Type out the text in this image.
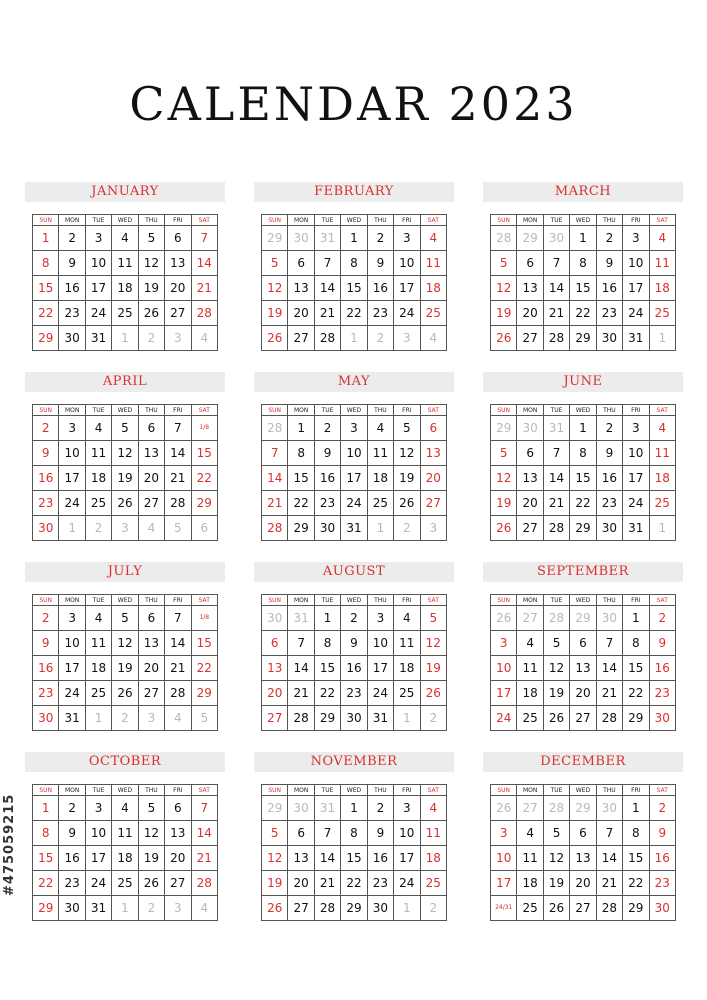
CALENDAR 2023
JANUARY
SUN	MON	TUE	WED	THU	FRI	SAT
1	2	3	4	5	6	7
8	9	10	11	12	13	14
15	16	17	18	19	20	21
22	23	24	25	26	27	28
29	30	31	1	2	3	4
FEBRUARY
SUN	MON	TUE	WED	THU	FRI	SAT
29	30	31	1	2	3	4
5	6	7	8	9	10	11
12	13	14	15	16	17	18
19	20	21	22	23	24	25
26	27	28	1	2	3	4
MARCH
SUN	MON	TUE	WED	THU	FRI	SAT
28	29	30	1	2	3	4
5	6	7	8	9	10	11
12	13	14	15	16	17	18
19	20	21	22	23	24	25
26	27	28	29	30	31	1
APRIL
SUN	MON	TUE	WED	THU	FRI	SAT
2	3	4	5	6	7	1/8
9	10	11	12	13	14	15
16	17	18	19	20	21	22
23	24	25	26	27	28	29
30	1	2	3	4	5	6
MAY
SUN	MON	TUE	WED	THU	FRI	SAT
28	1	2	3	4	5	6
7	8	9	10	11	12	13
14	15	16	17	18	19	20
21	22	23	24	25	26	27
28	29	30	31	1	2	3
JUNE
SUN	MON	TUE	WED	THU	FRI	SAT
29	30	31	1	2	3	4
5	6	7	8	9	10	11
12	13	14	15	16	17	18
19	20	21	22	23	24	25
26	27	28	29	30	31	1
JULY
SUN	MON	TUE	WED	THU	FRI	SAT
2	3	4	5	6	7	1/8
9	10	11	12	13	14	15
16	17	18	19	20	21	22
23	24	25	26	27	28	29
30	31	1	2	3	4	5
AUGUST
SUN	MON	TUE	WED	THU	FRI	SAT
30	31	1	2	3	4	5
6	7	8	9	10	11	12
13	14	15	16	17	18	19
20	21	22	23	24	25	26
27	28	29	30	31	1	2
SEPTEMBER
SUN	MON	TUE	WED	THU	FRI	SAT
26	27	28	29	30	1	2
3	4	5	6	7	8	9
10	11	12	13	14	15	16
17	18	19	20	21	22	23
24	25	26	27	28	29	30
OCTOBER
SUN	MON	TUE	WED	THU	FRI	SAT
1	2	3	4	5	6	7
8	9	10	11	12	13	14
15	16	17	18	19	20	21
22	23	24	25	26	27	28
29	30	31	1	2	3	4
NOVEMBER
SUN	MON	TUE	WED	THU	FRI	SAT
29	30	31	1	2	3	4
5	6	7	8	9	10	11
12	13	14	15	16	17	18
19	20	21	22	23	24	25
26	27	28	29	30	1	2
DECEMBER
SUN	MON	TUE	WED	THU	FRI	SAT
26	27	28	29	30	1	2
3	4	5	6	7	8	9
10	11	12	13	14	15	16
17	18	19	20	21	22	23
24/31	25	26	27	28	29	30
#475059215
